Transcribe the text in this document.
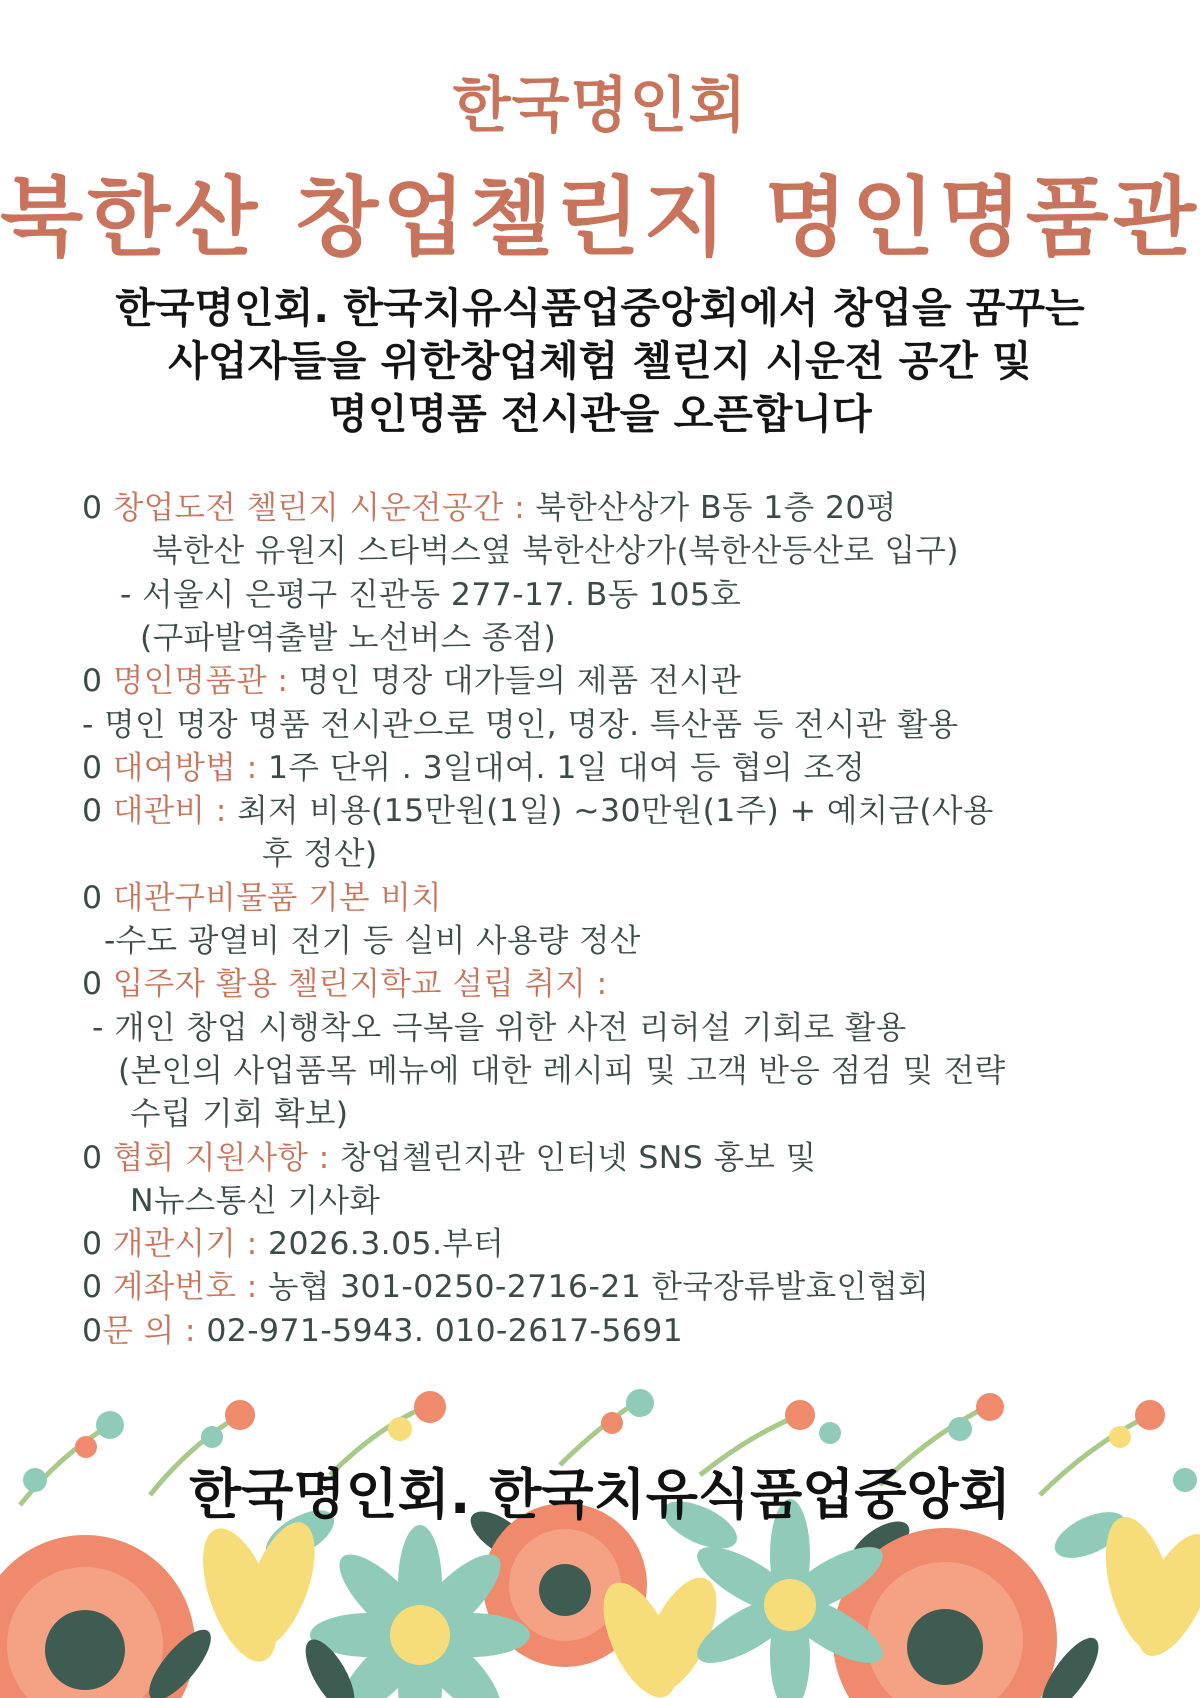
한국명인회
북한산 창업첼린지 명인명품관
한국명인회. 한국치유식품업중앙회에서 창업을 꿈꾸는
사업자들을 위한창업체험 첼린지 시운전 공간 및
명인명품 전시관을 오픈합니다
0 창업도전 첼린지 시운전공간 : 북한산상가 B동 1층 20평
북한산 유원지 스타벅스옆 북한산상가(북한산등산로 입구)
- 서울시 은평구 진관동 277-17. B동 105호
(구파발역출발 노선버스 종점)
0 명인명품관 : 명인 명장 대가들의 제품 전시관
- 명인 명장 명품 전시관으로 명인, 명장. 특산품 등 전시관 활용
0 대여방법 : 1주 단위 . 3일대여. 1일 대여 등 협의 조정
0 대관비 : 최저 비용(15만원(1일) ~30만원(1주) + 예치금(사용
후 정산)
0 대관구비물품 기본 비치
-수도 광열비 전기 등 실비 사용량 정산
0 입주자 활용 첼린지학교 설립 취지 :
- 개인 창업 시행착오 극복을 위한 사전 리허설 기회로 활용
(본인의 사업품목 메뉴에 대한 레시피 및 고객 반응 점검 및 전략
수립 기회 확보)
0 협회 지원사항 : 창업첼린지관 인터넷 SNS 홍보 및
N뉴스통신 기사화
0 개관시기 : 2026.3.05.부터
0 계좌번호 : 농협 301-0250-2716-21 한국장류발효인협회
0문 의 : 02-971-5943. 010-2617-5691
한국명인회. 한국치유식품업중앙회
